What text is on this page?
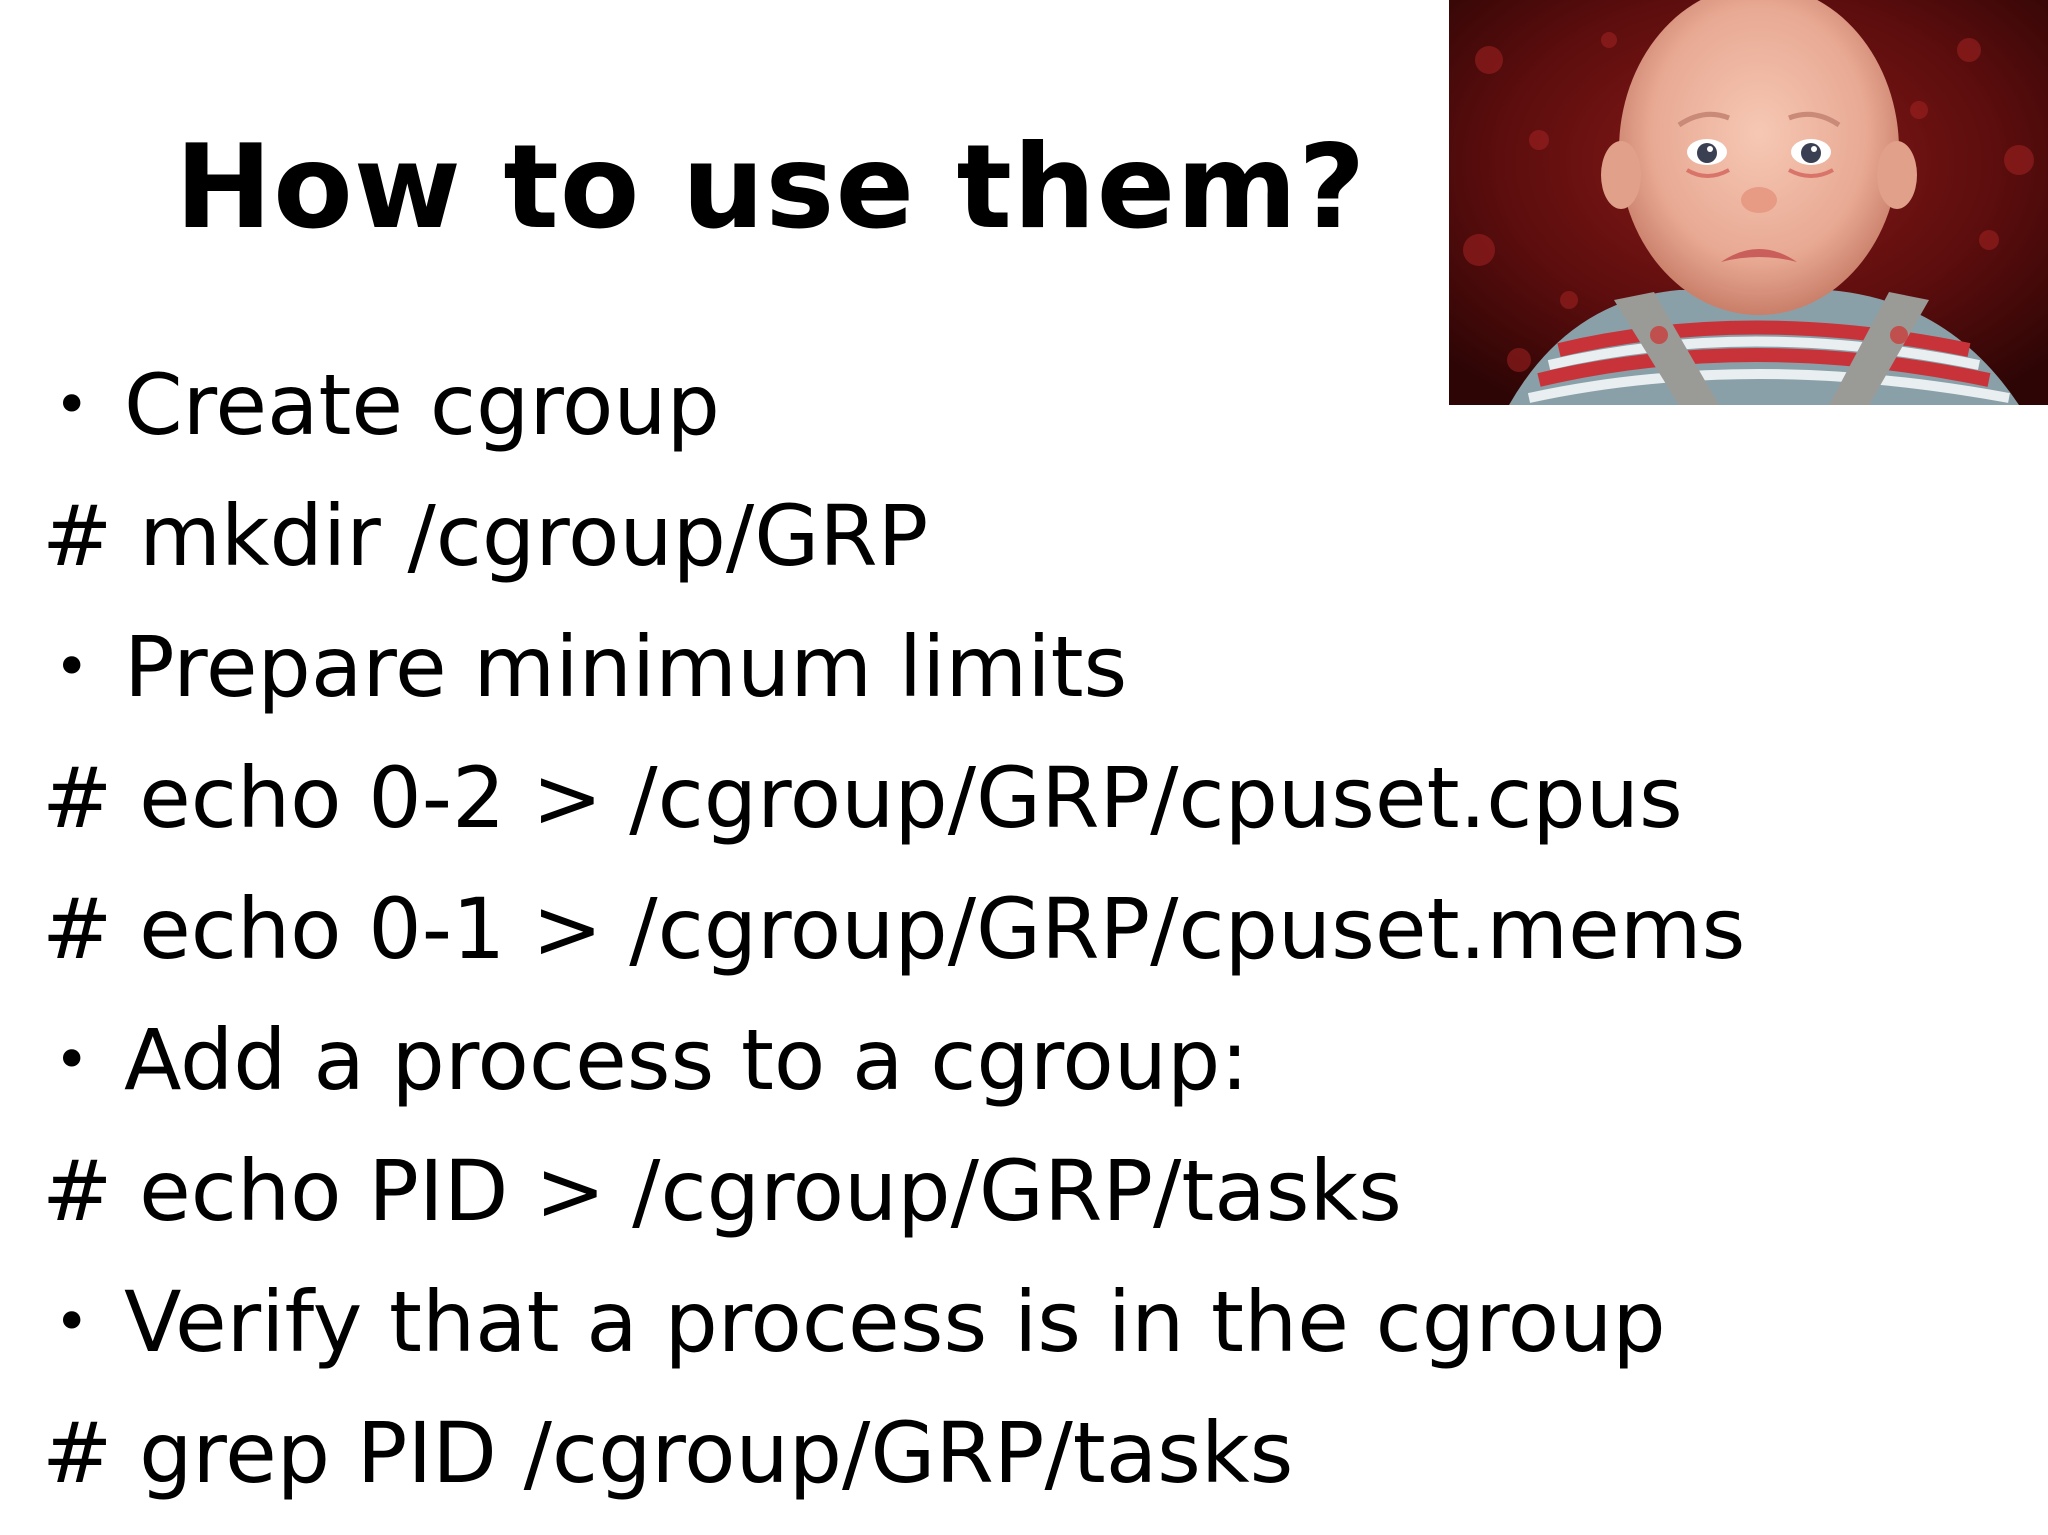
How to use them?
• Create cgroup
# mkdir /cgroup/GRP
• Prepare minimum limits
# echo 0-2 > /cgroup/GRP/cpuset.cpus
# echo 0-1 > /cgroup/GRP/cpuset.mems
• Add a process to a cgroup:
# echo PID > /cgroup/GRP/tasks
• Verify that a process is in the cgroup
# grep PID /cgroup/GRP/tasks
